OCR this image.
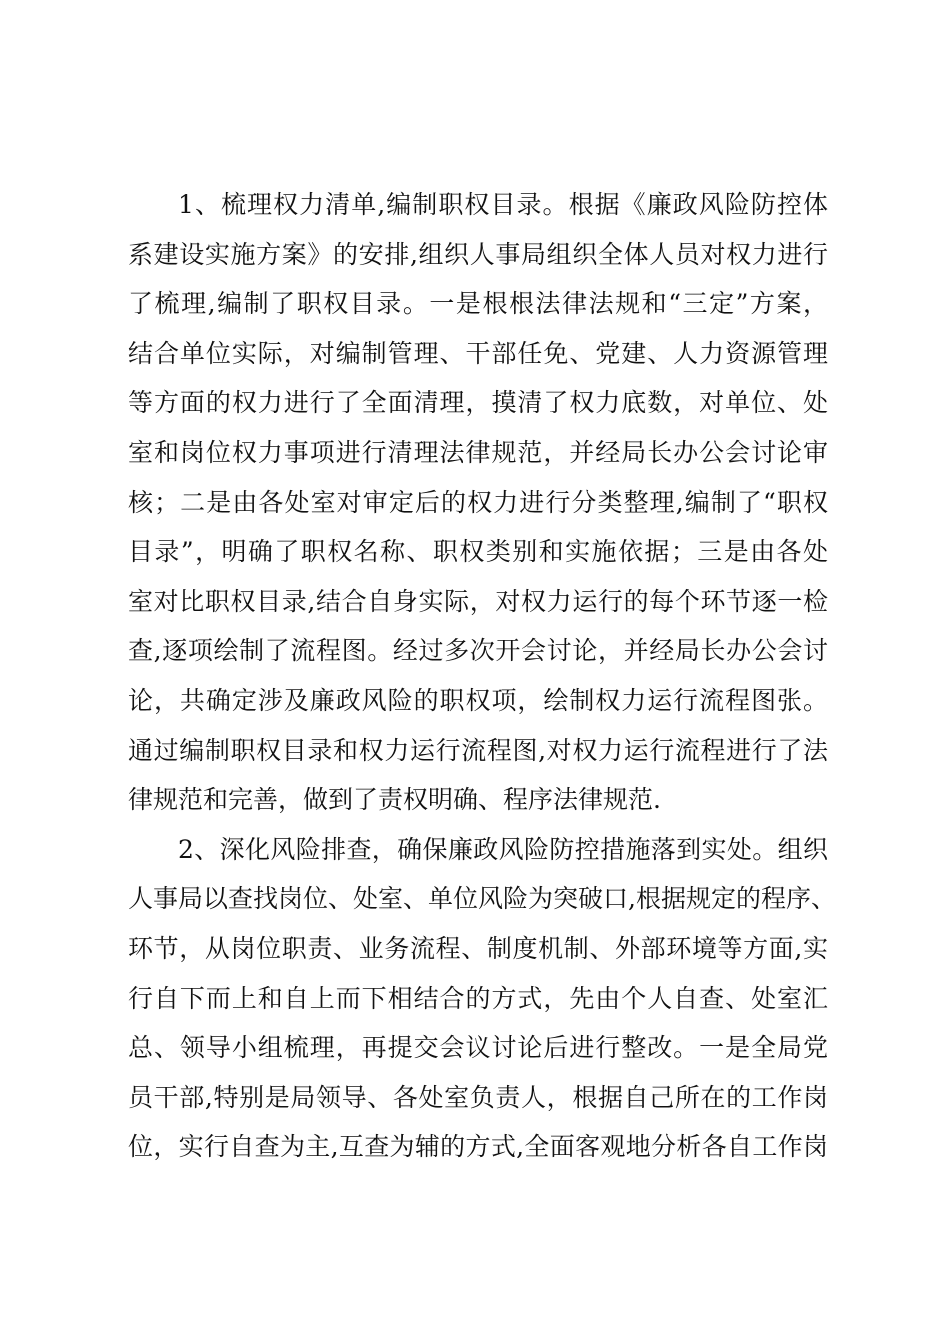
1、梳理权力清单,编制职权目录。根据《廉政风险防控体
系建设实施方案》的安排,组织人事局组织全体人员对权力进行
了梳理,编制了职权目录。一是根根法律法规和“三定”方案，
结合单位实际，对编制管理、干部任免、党建、人力资源管理
等方面的权力进行了全面清理，摸清了权力底数，对单位、处
室和岗位权力事项进行清理法律规范，并经局长办公会讨论审
核；二是由各处室对审定后的权力进行分类整理,编制了“职权
目录”，明确了职权名称、职权类别和实施依据；三是由各处
室对比职权目录,结合自身实际，对权力运行的每个环节逐一检
查,逐项绘制了流程图。经过多次开会讨论，并经局长办公会讨
论，共确定涉及廉政风险的职权项，绘制权力运行流程图张。
通过编制职权目录和权力运行流程图,对权力运行流程进行了法
律规范和完善，做到了责权明确、程序法律规范.
2、深化风险排查，确保廉政风险防控措施落到实处。组织
人事局以查找岗位、处室、单位风险为突破口,根据规定的程序、
环节，从岗位职责、业务流程、制度机制、外部环境等方面,实
行自下而上和自上而下相结合的方式，先由个人自查、处室汇
总、领导小组梳理，再提交会议讨论后进行整改。一是全局党
员干部,特别是局领导、各处室负责人，根据自己所在的工作岗
位，实行自查为主,互查为辅的方式,全面客观地分析各自工作岗
